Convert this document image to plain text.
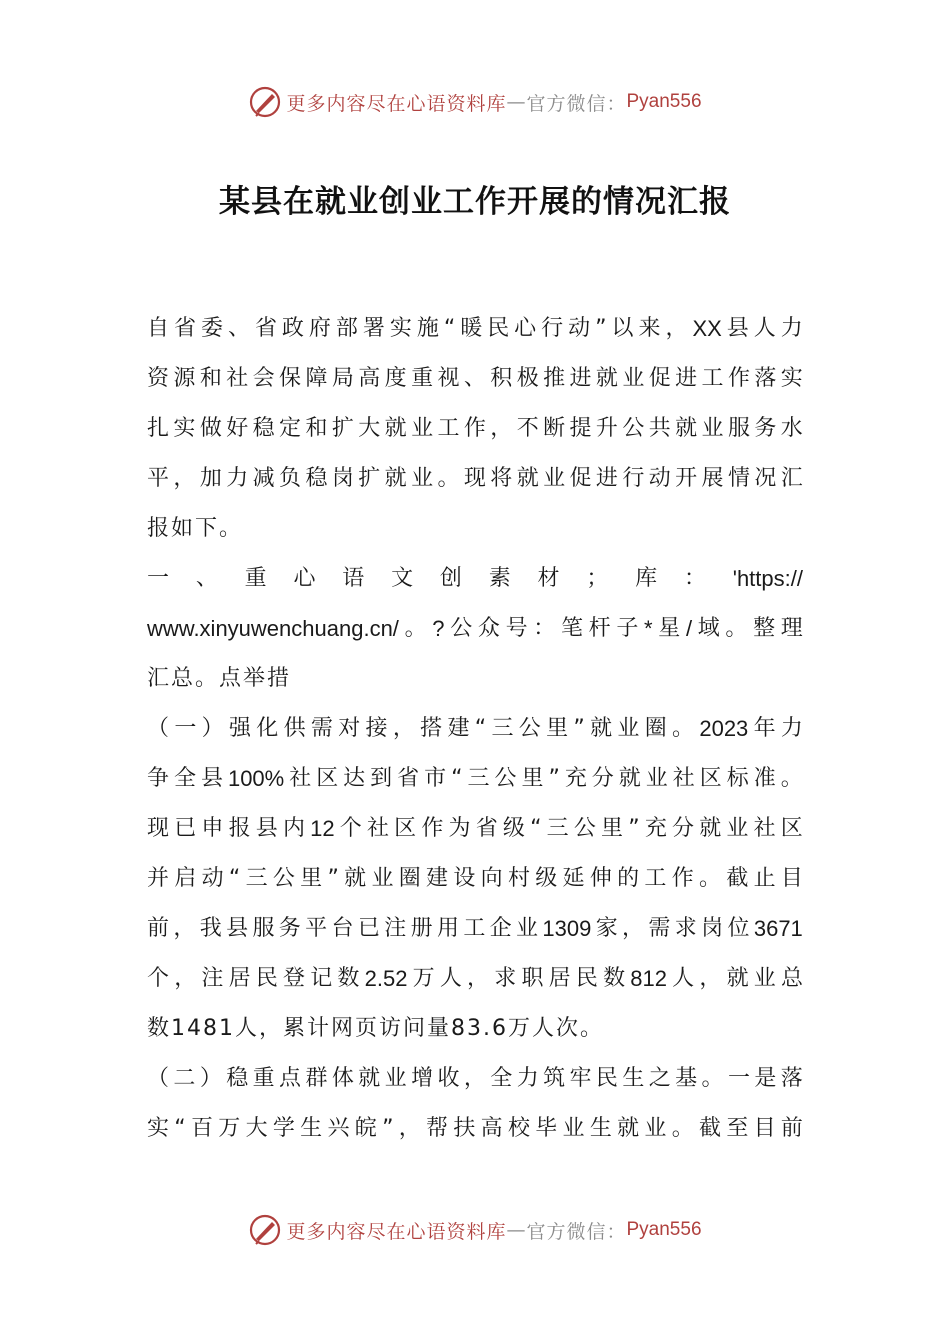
更多内容尽在心语资料库 — 官方微信： Pyan556
某县在就业创业工作开展的情况汇报
自 省 委 、 省 政 府 部 署 实 施 “ 暖 民 心 行 动 ” 以 来 ， XX 县 人 力
资 源 和 社 会 保 障 局 高 度 重 视 、 积 极 推 进 就 业 促 进 工 作 落 实
扎 实 做 好 稳 定 和 扩 大 就 业 工 作 ， 不 断 提 升 公 共 就 业 服 务 水
平 ， 加 力 减 负 稳 岗 扩 就 业 。 现 将 就 业 促 进 行 动 开 展 情 况 汇
报如下。
一 、 重 心 语 文 创 素 材 ； 库 ： 'https://
www.xinyuwenchuang.cn/ 。 ? 公 众 号 ： 笔 杆 子 * 星 / 域 。 整 理
汇总。点举措
（ 一 ） 强 化 供 需 对 接 ， 搭 建 “ 三 公 里 ” 就 业 圈 。 2023 年 力
争 全 县 100% 社 区 达 到 省 市 “ 三 公 里 ” 充 分 就 业 社 区 标 准 。
现 已 申 报 县 内 12 个 社 区 作 为 省 级 “ 三 公 里 ” 充 分 就 业 社 区
并 启 动 “ 三 公 里 ” 就 业 圈 建 设 向 村 级 延 伸 的 工 作 。 截 止 目
前 ， 我 县 服 务 平 台 已 注 册 用 工 企 业 1309 家 ， 需 求 岗 位 3671
个 ， 注 居 民 登 记 数 2.52 万 人 ， 求 职 居 民 数 812 人 ， 就 业 总
数1481人，累计网页访问量83.6万人次。
（ 二 ） 稳 重 点 群 体 就 业 增 收 ， 全 力 筑 牢 民 生 之 基 。 一 是 落
实 “ 百 万 大 学 生 兴 皖 ” ， 帮 扶 高 校 毕 业 生 就 业 。 截 至 目 前
更多内容尽在心语资料库 — 官方微信： Pyan556
